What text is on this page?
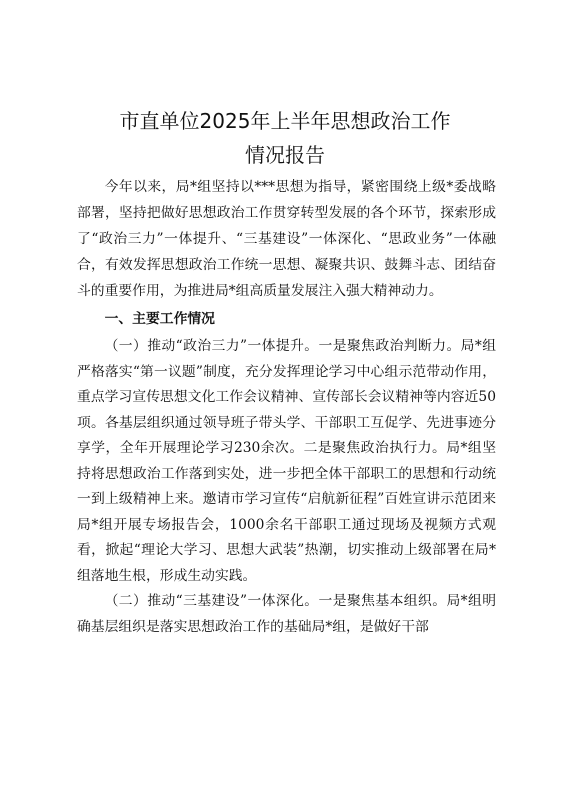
市直单位2025年上半年思想政治工作
情况报告

今年以来，局*组坚持以***思想为指导，紧密围绕上级*委战略部署，坚持把做好思想政治工作贯穿转型发展的各个环节，探索形成了“政治三力”一体提升、“三基建设”一体深化、“思政业务”一体融合，有效发挥思想政治工作统一思想、凝聚共识、鼓舞斗志、团结奋斗的重要作用，为推进局*组高质量发展注入强大精神动力。

一、主要工作情况

（一）推动“政治三力”一体提升。一是聚焦政治判断力。局*组严格落实“第一议题”制度，充分发挥理论学习中心组示范带动作用，重点学习宣传思想文化工作会议精神、宣传部长会议精神等内容近50项。各基层组织通过领导班子带头学、干部职工互促学、先进事迹分享学，全年开展理论学习230余次。二是聚焦政治执行力。局*组坚持将思想政治工作落到实处，进一步把全体干部职工的思想和行动统一到上级精神上来。邀请市学习宣传“启航新征程”百姓宣讲示范团来局*组开展专场报告会，1000余名干部职工通过现场及视频方式观看，掀起“理论大学习、思想大武装”热潮，切实推动上级部署在局*组落地生根，形成生动实践。

（二）推动“三基建设”一体深化。一是聚焦基本组织。局*组明确基层组织是落实思想政治工作的基础局*组，是做好干部
